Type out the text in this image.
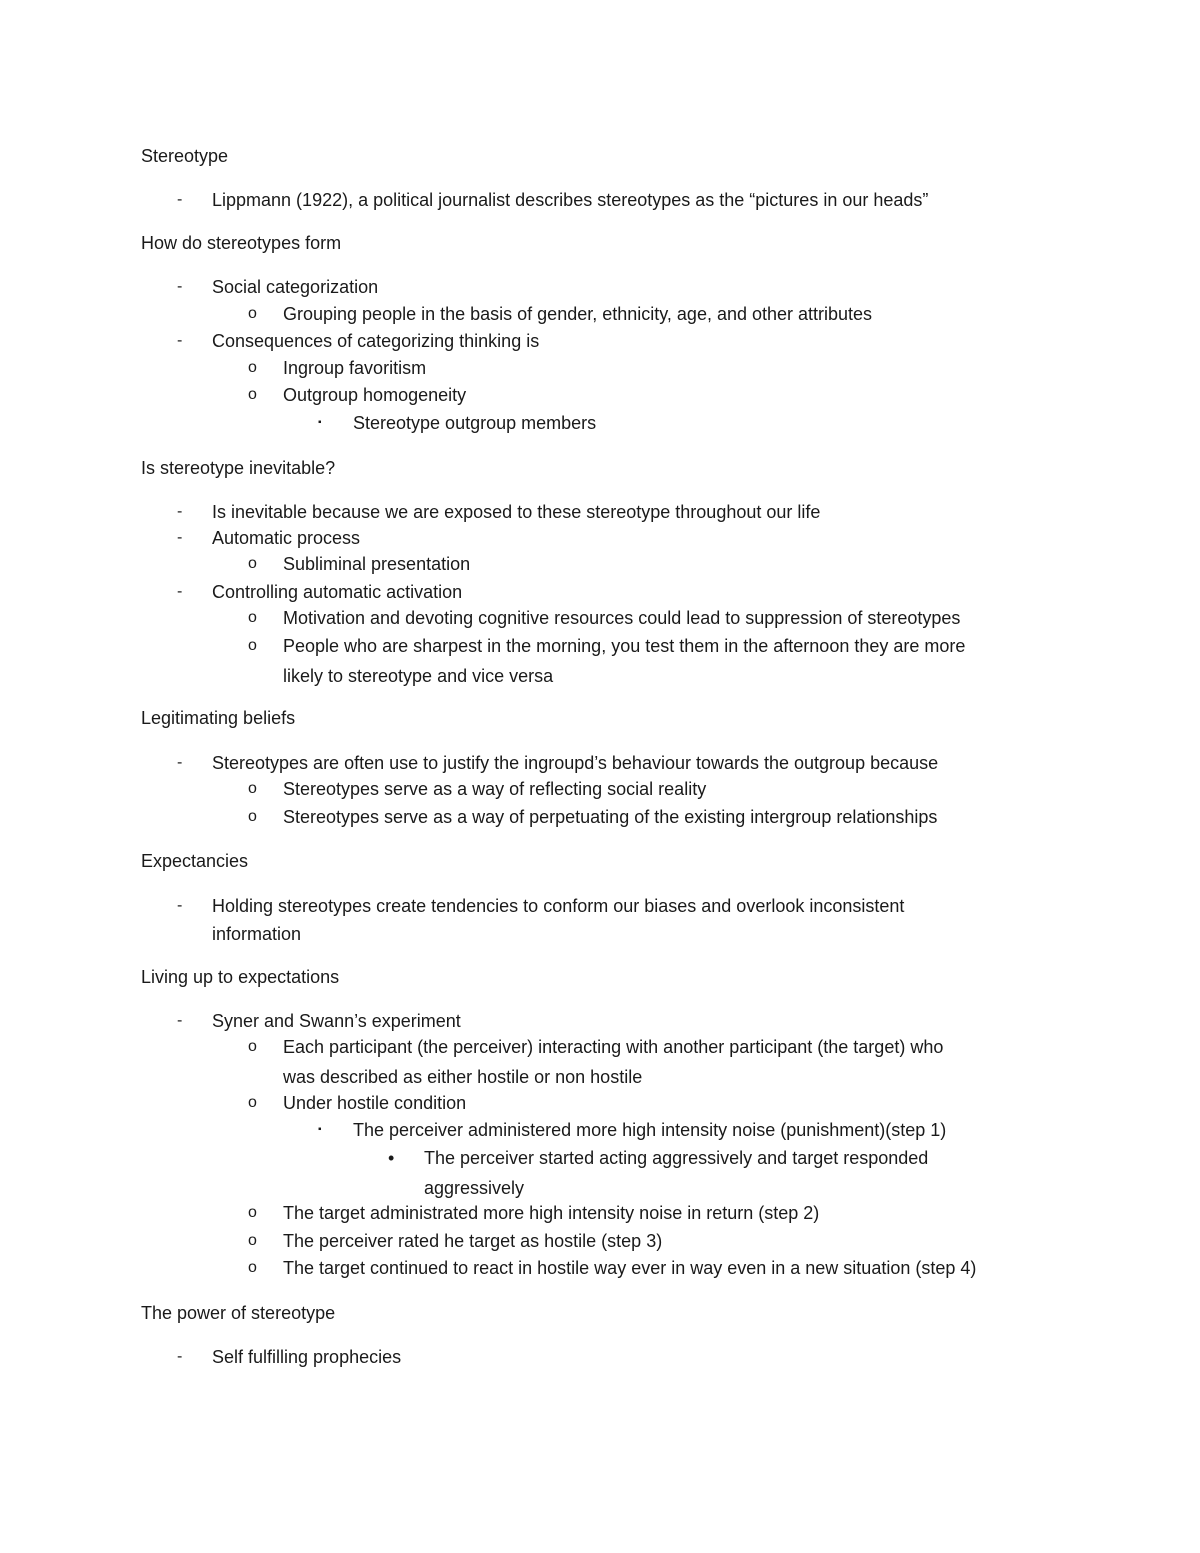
Stereotype
- Lippmann (1922), a political journalist describes stereotypes as the “pictures in our heads”
How do stereotypes form
- Social categorization
o Grouping people in the basis of gender, ethnicity, age, and other attributes
- Consequences of categorizing thinking is
o Ingroup favoritism
o Outgroup homogeneity
▪ Stereotype outgroup members
Is stereotype inevitable?
- Is inevitable because we are exposed to these stereotype throughout our life
- Automatic process
o Subliminal presentation
- Controlling automatic activation
o Motivation and devoting cognitive resources could lead to suppression of stereotypes
o People who are sharpest in the morning, you test them in the afternoon they are more
likely to stereotype and vice versa
Legitimating beliefs
- Stereotypes are often use to justify the ingroupd’s behaviour towards the outgroup because
o Stereotypes serve as a way of reflecting social reality
o Stereotypes serve as a way of perpetuating of the existing intergroup relationships
Expectancies
- Holding stereotypes create tendencies to conform our biases and overlook inconsistent
information
Living up to expectations
- Syner and Swann’s experiment
o Each participant (the perceiver) interacting with another participant (the target) who
was described as either hostile or non hostile
o Under hostile condition
▪ The perceiver administered more high intensity noise (punishment)(step 1)
• The perceiver started acting aggressively and target responded
aggressively
o The target administrated more high intensity noise in return (step 2)
o The perceiver rated he target as hostile (step 3)
o The target continued to react in hostile way ever in way even in a new situation (step 4)
The power of stereotype
- Self fulfilling prophecies
